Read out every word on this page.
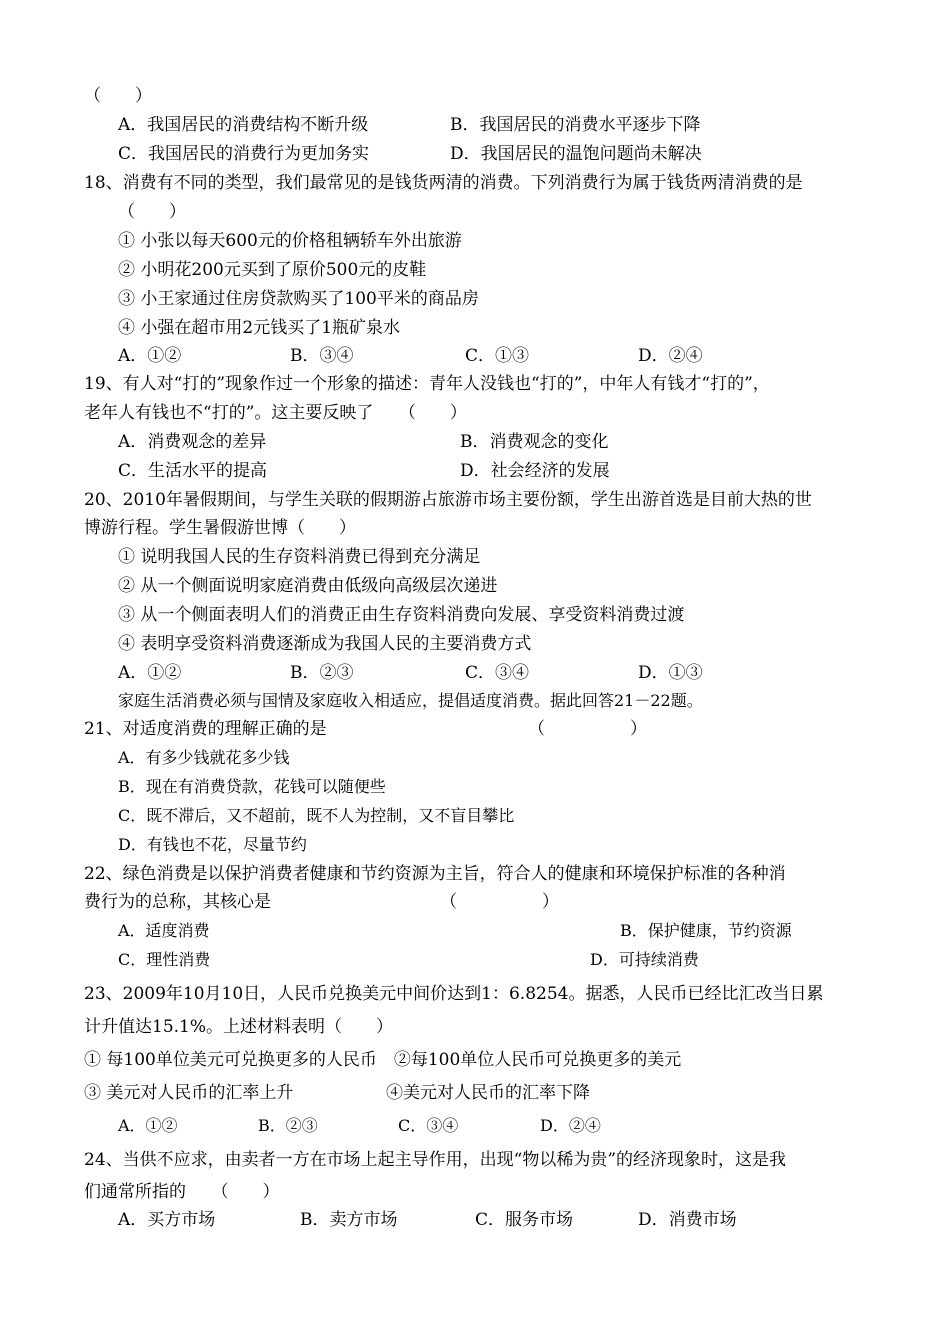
（　　）
A．我国居民的消费结构不断升级	B．我国居民的消费水平逐步下降
C．我国居民的消费行为更加务实	D．我国居民的温饱问题尚未解决
18、消费有不同的类型，我们最常见的是钱货两清的消费。下列消费行为属于钱货两清消费的是
（　　）
① 小张以每天600元的价格租辆轿车外出旅游
② 小明花200元买到了原价500元的皮鞋
③ 小王家通过住房贷款购买了100平米的商品房
④ 小强在超市用2元钱买了1瓶矿泉水
A．①②	B．③④	C．①③	D．②④
19、有人对“打的”现象作过一个形象的描述：青年人没钱也“打的”，中年人有钱才“打的”，
老年人有钱也不“打的”。这主要反映了　　（　　）
A．消费观念的差异	B．消费观念的变化
C．生活水平的提高	D．社会经济的发展
20、2010年暑假期间，与学生关联的假期游占旅游市场主要份额，学生出游首选是目前大热的世
博游行程。学生暑假游世博（　　）
① 说明我国人民的生存资料消费已得到充分满足
② 从一个侧面说明家庭消费由低级向高级层次递进
③ 从一个侧面表明人们的消费正由生存资料消费向发展、享受资料消费过渡
④ 表明享受资料消费逐渐成为我国人民的主要消费方式
A．①②	B．②③	C．③④	D．①③
家庭生活消费必须与国情及家庭收入相适应，提倡适度消费。据此回答21－22题。
21、对适度消费的理解正确的是	（　　　　　）
A．有多少钱就花多少钱
B．现在有消费贷款，花钱可以随便些
C．既不滞后，又不超前，既不人为控制，又不盲目攀比
D．有钱也不花，尽量节约
22、绿色消费是以保护消费者健康和节约资源为主旨，符合人的健康和环境保护标准的各种消
费行为的总称，其核心是	（　　　　　）
A．适度消费	B．保护健康，节约资源
C．理性消费	D．可持续消费
23、2009年10月10日，人民币兑换美元中间价达到1：6.8254。据悉，人民币已经比汇改当日累
计升值达15.1%。上述材料表明（　　）
① 每100单位美元可兑换更多的人民币　②每100单位人民币可兑换更多的美元
③ 美元对人民币的汇率上升	④美元对人民币的汇率下降
A．①②	B．②③	C．③④	D．②④
24、当供不应求，由卖者一方在市场上起主导作用，出现“物以稀为贵”的经济现象时，这是我
们通常所指的　　（　　）
A．买方市场	B．卖方市场	C．服务市场	D．消费市场
